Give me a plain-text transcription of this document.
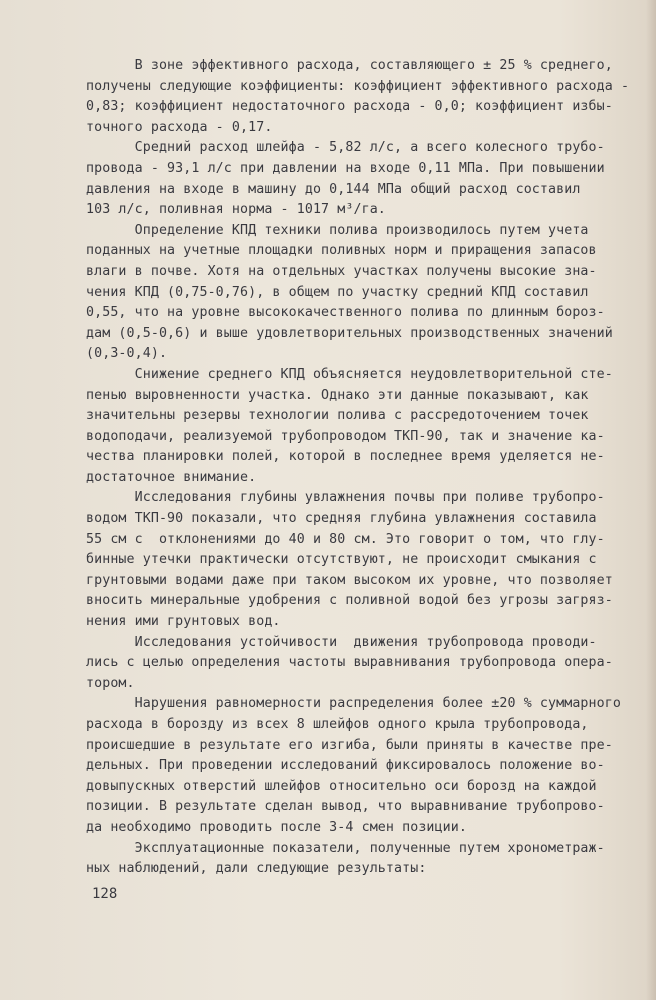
В зоне эффективного расхода, составляющего ± 25 % среднего,
получены следующие коэффициенты: коэффициент эффективного расхода -
0,83; коэффициент недостаточного расхода - 0,0; коэффициент избы-
точного расхода - 0,17.
Средний расход шлейфа - 5,82 л/с, а всего колесного трубо-
провода - 93,1 л/с при давлении на входе 0,11 МПа. При повышении
давления на входе в машину до 0,144 МПа общий расход составил
103 л/с, поливная норма - 1017 м³/га.
Определение КПД техники полива производилось путем учета
поданных на учетные площадки поливных норм и приращения запасов
влаги в почве. Хотя на отдельных участках получены высокие зна-
чения КПД (0,75-0,76), в общем по участку средний КПД составил
0,55, что на уровне высококачественного полива по длинным бороз-
дам (0,5-0,6) и выше удовлетворительных производственных значений
(0,3-0,4).
Снижение среднего КПД объясняется неудовлетворительной сте-
пенью выровненности участка. Однако эти данные показывают, как
значительны резервы технологии полива с рассредоточением точек
водоподачи, реализуемой трубопроводом ТКП-90, так и значение ка-
чества планировки полей, которой в последнее время уделяется не-
достаточное внимание.
Исследования глубины увлажнения почвы при поливе трубопро-
водом ТКП-90 показали, что средняя глубина увлажнения составила
55 см с  отклонениями до 40 и 80 см. Это говорит о том, что глу-
бинные утечки практически отсутствуют, не происходит смыкания с
грунтовыми водами даже при таком высоком их уровне, что позволяет
вносить минеральные удобрения с поливной водой без угрозы загряз-
нения ими грунтовых вод.
Исследования устойчивости  движения трубопровода проводи-
лись с целью определения частоты выравнивания трубопровода опера-
тором.
Нарушения равномерности распределения более ±20 % суммарного
расхода в борозду из всех 8 шлейфов одного крыла трубопровода,
происшедшие в результате его изгиба, были приняты в качестве пре-
дельных. При проведении исследований фиксировалось положение во-
довыпускных отверстий шлейфов относительно оси борозд на каждой
позиции. В результате сделан вывод, что выравнивание трубопрово-
да необходимо проводить после 3-4 смен позиции.
Эксплуатационные показатели, полученные путем хронометраж-
ных наблюдений, дали следующие результаты:
128
